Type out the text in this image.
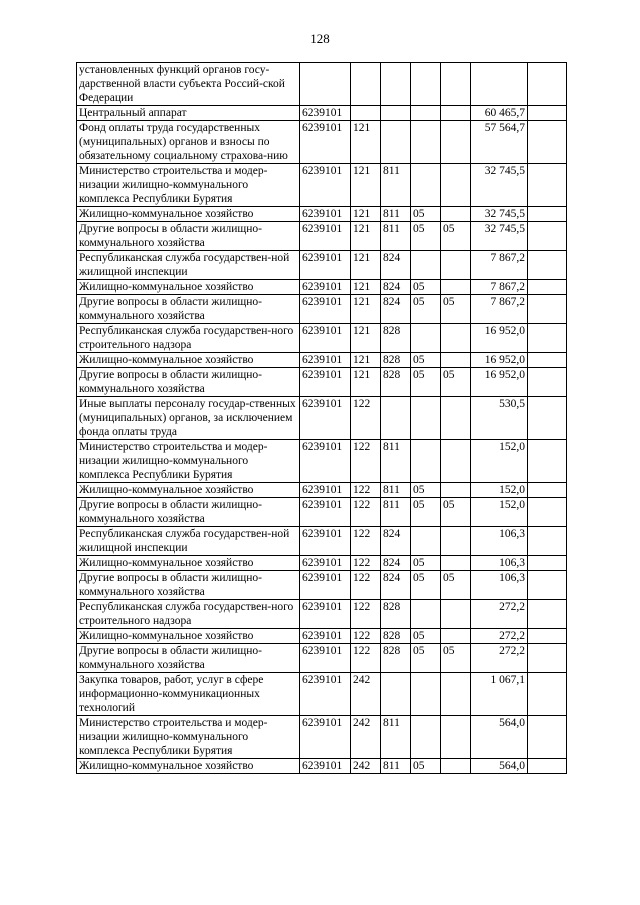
128
установленных функций органов госу-дарственной власти субъекта Россий-ской Федерации							
Центральный аппарат	6239101					60 465,7	
Фонд оплаты труда государственных (муниципальных) органов и взносы по обязательному социальному страхова-нию	6239101	121				57 564,7	
Министерство строительства и модер-низации жилищно-коммунального комплекса Республики Бурятия	6239101	121	811			32 745,5	
Жилищно-коммунальное хозяйство	6239101	121	811	05		32 745,5	
Другие вопросы в области жилищно-коммунального хозяйства	6239101	121	811	05	05	32 745,5	
Республиканская служба государствен-ной жилищной инспекции	6239101	121	824			7 867,2	
Жилищно-коммунальное хозяйство	6239101	121	824	05		7 867,2	
Другие вопросы в области жилищно-коммунального хозяйства	6239101	121	824	05	05	7 867,2	
Республиканская служба государствен-ного строительного надзора	6239101	121	828			16 952,0	
Жилищно-коммунальное хозяйство	6239101	121	828	05		16 952,0	
Другие вопросы в области жилищно-коммунального хозяйства	6239101	121	828	05	05	16 952,0	
Иные выплаты персоналу государ-ственных (муниципальных) органов, за исключением фонда оплаты труда	6239101	122				530,5	
Министерство строительства и модер-низации жилищно-коммунального комплекса Республики Бурятия	6239101	122	811			152,0	
Жилищно-коммунальное хозяйство	6239101	122	811	05		152,0	
Другие вопросы в области жилищно-коммунального хозяйства	6239101	122	811	05	05	152,0	
Республиканская служба государствен-ной жилищной инспекции	6239101	122	824			106,3	
Жилищно-коммунальное хозяйство	6239101	122	824	05		106,3	
Другие вопросы в области жилищно-коммунального хозяйства	6239101	122	824	05	05	106,3	
Республиканская служба государствен-ного строительного надзора	6239101	122	828			272,2	
Жилищно-коммунальное хозяйство	6239101	122	828	05		272,2	
Другие вопросы в области жилищно-коммунального хозяйства	6239101	122	828	05	05	272,2	
Закупка товаров, работ, услуг в сфере информационно-коммуникационных технологий	6239101	242				1 067,1	
Министерство строительства и модер-низации жилищно-коммунального комплекса Республики Бурятия	6239101	242	811			564,0	
Жилищно-коммунальное хозяйство	6239101	242	811	05		564,0	
